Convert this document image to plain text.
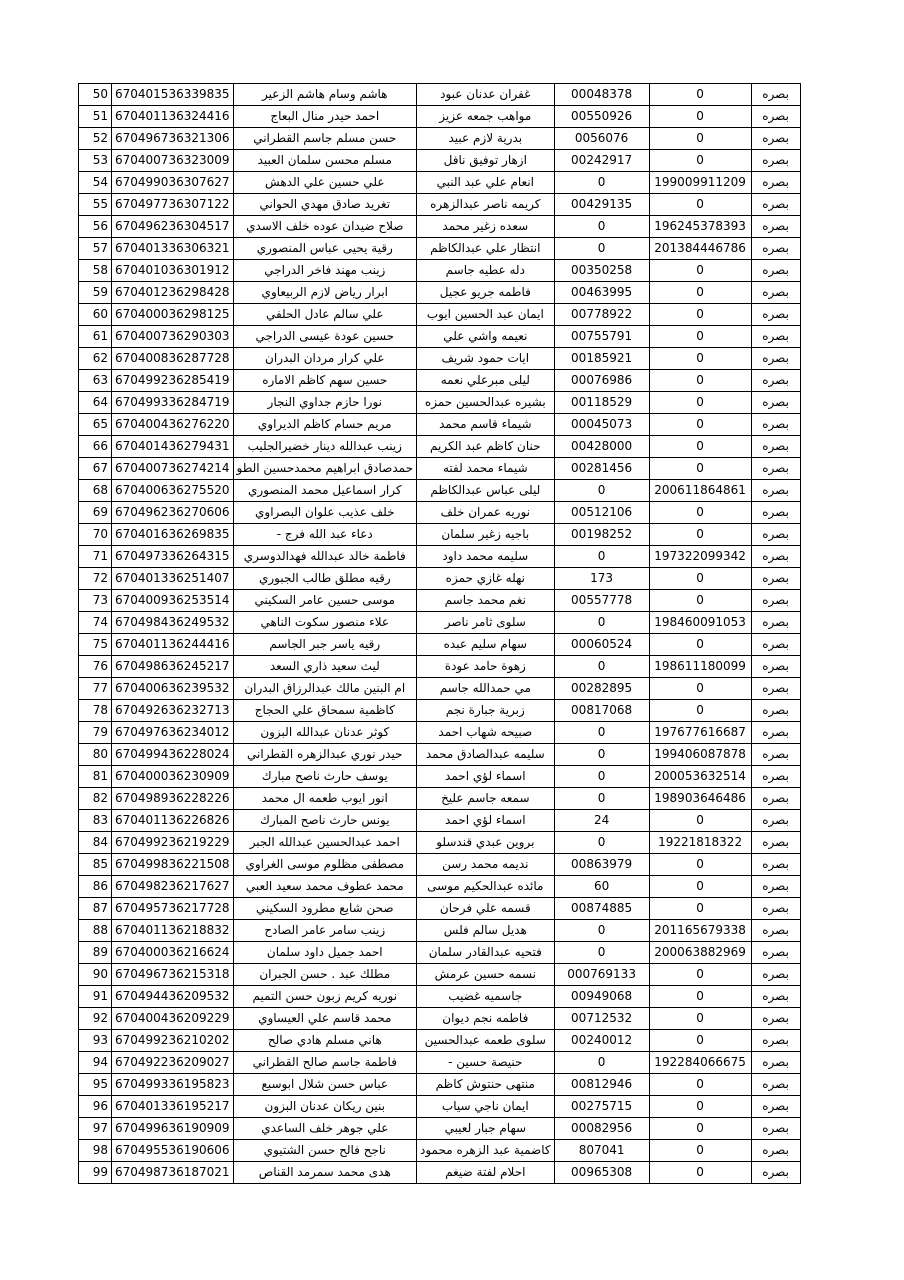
50	67040153633983‎5	هاشم وسام هاشم الزعير	غفران عدنان عبود	00048378	0	بصره
51	670401136324416	احمد حيدر منال البعاج	مواهب جمعه عزيز	00550926	0	بصره
52	670496736321306	حسن مسلم جاسم القطراني	بدرية لازم عبيد	0056076	0	بصره
53	670400736323009	مسلم محسن سلمان العبيد	ازهار توفيق نافل	00242917	0	بصره
54	670499036307627	علي حسين علي الدهش	انعام علي عبد النبي	0	199009911209	بصره
55	670497736307122	تغريد صادق مهدي الحواني	كريمه ناصر عبدالزهره	00429135	0	بصره
56	670496236304517	صلاح ضيدان عوده خلف الاسدي	سعده زغير محمد	0	196245378393	بصره
57	670401336306321	رقية يحيى عباس المنصوري	انتظار علي عبدالكاظم	0	201384446786	بصره
58	670401036301912	زينب مهند فاخر الدراجي	دله عطيه جاسم	00350258	0	بصره
59	670401236298428	ابرار رياض لازم الربيعاوي	فاطمه جريو عجيل	00463995	0	بصره
60	670400036298125	علي سالم عادل الحلفي	ايمان عبد الحسين ايوب	00778922	0	بصره
61	670400736290303	حسين عودة عيسى الدراجي	نعيمه واشي علي	00755791	0	بصره
62	670400836287728	علي كرار مردان البدران	ايات حمود شريف	00185921	0	بصره
63	670499236285419	حسين سهم كاظم الاماره	ليلى مبرعلي نعمه	00076986	0	بصره
64	670499336284719	نورا حازم جداوي النجار	بشيره عبدالحسين حمزه	00118529	0	بصره
65	670400436276220	مريم حسام كاظم الديراوي	شيماء قاسم محمد	00045073	0	بصره
66	670401436279431	زينب عبدالله دينار خضيرالجليب	حنان كاظم عبد الكريم	00428000	0	بصره
67	670400736274214	حمدصادق ابراهيم محمدحسين الطو	شيماء محمد لفته	00281456	0	بصره
68	670400636275520	كرار اسماعيل محمد المنصوري	ليلى عباس عبدالكاظم	0	200611864861	بصره
69	670496236270606	خلف عذيب علوان البصراوي	نوريه عمران خلف	00512106	0	بصره
70	670401636269835	دعاء عبد الله فرج -	باجيه زغير سلمان	00198252	0	بصره
71	670497336264315	فاطمة خالد عبدالله فهدالدوسري	سليمه محمد داود	0	197322099342	بصره
72	670401336251407	رقيه مطلق طالب الجبوري	نهله غازي حمزه	173	0	بصره
73	670400936253514	موسى حسين عامر السكيني	نغم محمد جاسم	00557778	0	بصره
74	670498436249532	علاء منصور سكوت الناهي	سلوى ثامر ناصر	0	198460091053	بصره
75	670401136244416	رقيه ياسر جبر الجاسم	سهام سليم عبده	00060524	0	بصره
76	670498636245217	ليث سعيد ذاري السعد	زهوة حامد عودة	0	198611180099	بصره
77	670400636239532	ام البنين مالك عبدالرزاق البدران	مي حمدالله جاسم	00282895	0	بصره
78	670492636232713	كاظمية سمحاق علي الحجاج	زبرية جبارة نجم	00817068	0	بصره
79	670497636234012	كوثر عدنان عبدالله البزون	صبيحه شهاب احمد	0	197677616687	بصره
80	670499436228024	حيدر نوري عبدالزهره القطراني	سليمه عبدالصادق محمد	0	199406087878	بصره
81	670400036230909	يوسف حارث ناصح مبارك	اسماء لؤي احمد	0	200053632514	بصره
82	670498936228226	انور ايوب طعمه ال محمد	سمعه جاسم عليخ	0	198903646486	بصره
83	670401136226826	يونس حارث ناصح المبارك	اسماء لؤي احمد	24	0	بصره
84	670499236219229	احمد عبدالحسين عبدالله الجبر	بروين عبدي قندسلو	0	19221818322	بصره
85	670499836221508	مصطفى مظلوم موسى الغراوي	نديمه محمد رسن	00863979	0	بصره
86	670498236217627	محمد عطوف محمد سعيد العبي	مائده عبدالحكيم موسى	60	0	بصره
87	670495736217728	صحن شايع مطرود السكيني	قسمه علي فرحان	00874885	0	بصره
88	670401136218832	زينب سامر عامر الصادح	هديل سالم فلس	0	201165679338	بصره
89	670400036216624	احمد جميل داود سلمان	فتحيه عبدالقادر سلمان	0	200063882969	بصره
90	670496736215318	مطلك عبد . حسن الجبران	نسمه حسين عرمش	000769133	0	بصره
91	670494436209532	نوريه كريم زبون حسن التميم	جاسميه غضيب	00949068	0	بصره
92	670400436209229	محمد قاسم علي العيساوي	فاطمه نجم ديوان	00712532	0	بصره
93	670499236210202	هاني مسلم هادي صالح	سلوى طعمه عبدالحسين	00240012	0	بصره
94	670492236209027	فاطمة جاسم صالح القطراني	حنيصة حسين -	0	192284066675	بصره
95	670499336195823	عباس حسن شلال ابوسبع	منتهى حنتوش كاظم	00812946	0	بصره
96	670401336195217	بنين ريكان عدنان البزون	ايمان ناجي سياب	00275715	0	بصره
97	670499636190909	علي جوهر خلف الساعدي	سهام جبار لعيبي	00082956	0	بصره
98	670495536190606	ناجح فالح حسن الشتيوي	كاضمية عبد الزهره محمود	807041	0	بصره
99	670498736187021	هدى محمد سمرمد القناص	احلام لفتة ضيغم	00965308	0	بصره
